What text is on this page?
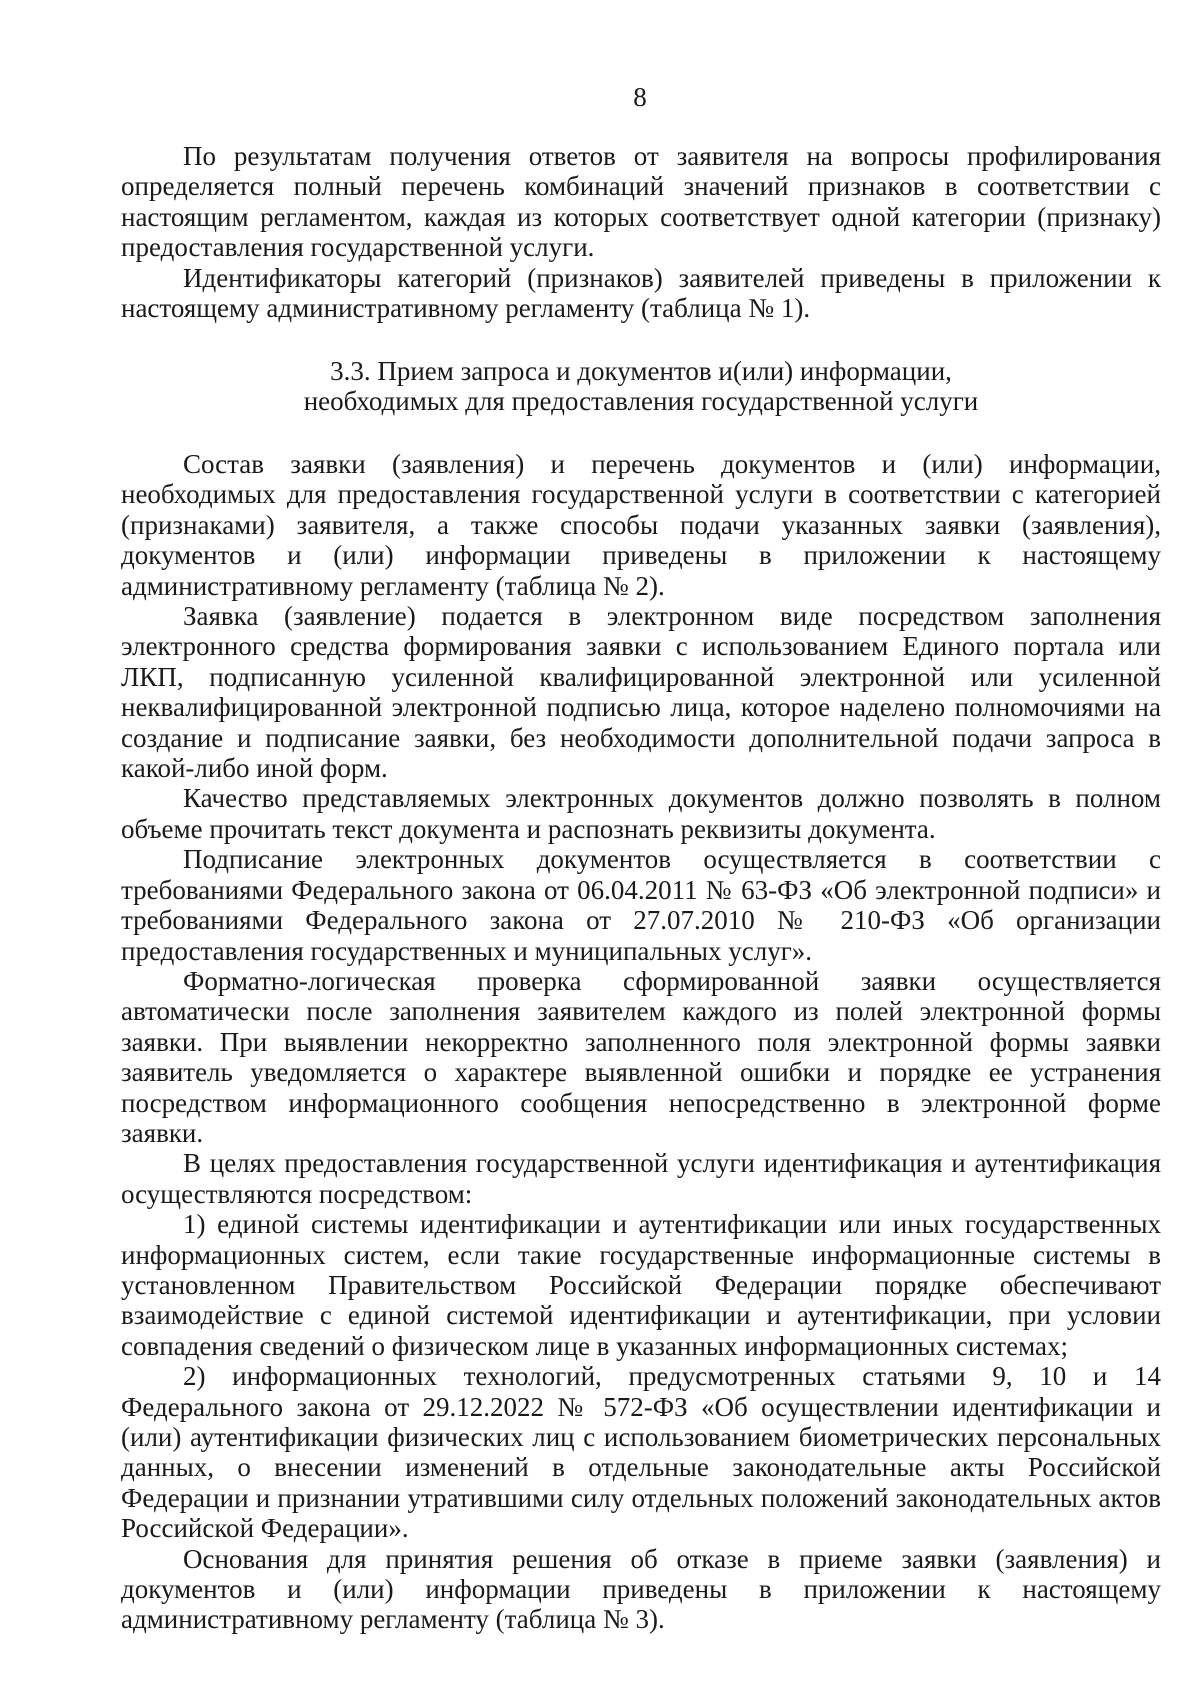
8

По результатам получения ответов от заявителя на вопросы профилирования определяется полный перечень комбинаций значений признаков в соответствии с настоящим регламентом, каждая из которых соответствует одной категории (признаку) предоставления государственной услуги.

Идентификаторы категорий (признаков) заявителей приведены в приложении к настоящему административному регламенту (таблица № 1).

3.3. Прием запроса и документов и(или) информации,
необходимых для предоставления государственной услуги

Состав заявки (заявления) и перечень документов и (или) информации, необходимых для предоставления государственной услуги в соответствии с категорией (признаками) заявителя, а также способы подачи указанных заявки (заявления), документов и (или) информации приведены в приложении к настоящему административному регламенту (таблица № 2).

Заявка (заявление) подается в электронном виде посредством заполнения электронного средства формирования заявки с использованием Единого портала или ЛКП, подписанную усиленной квалифицированной электронной или усиленной неквалифицированной электронной подписью лица, которое наделено полномочиями на создание и подписание заявки, без необходимости дополнительной подачи запроса в какой-либо иной форм.

Качество представляемых электронных документов должно позволять в полном объеме прочитать текст документа и распознать реквизиты документа.

Подписание электронных документов осуществляется в соответствии с требованиями Федерального закона от 06.04.2011 № 63-ФЗ «Об электронной подписи» и требованиями Федерального закона от 27.07.2010 № 210-ФЗ «Об организации предоставления государственных и муниципальных услуг».

Форматно-логическая проверка сформированной заявки осуществляется автоматически после заполнения заявителем каждого из полей электронной формы заявки. При выявлении некорректно заполненного поля электронной формы заявки заявитель уведомляется о характере выявленной ошибки и порядке ее устранения посредством информационного сообщения непосредственно в электронной форме заявки.

В целях предоставления государственной услуги идентификация и аутентификация осуществляются посредством:

1) единой системы идентификации и аутентификации или иных государственных информационных систем, если такие государственные информационные системы в установленном Правительством Российской Федерации порядке обеспечивают взаимодействие с единой системой идентификации и аутентификации, при условии совпадения сведений о физическом лице в указанных информационных системах;

2) информационных технологий, предусмотренных статьями 9, 10 и 14 Федерального закона от 29.12.2022 № 572-ФЗ «Об осуществлении идентификации и (или) аутентификации физических лиц с использованием биометрических персональных данных, о внесении изменений в отдельные законодательные акты Российской Федерации и признании утратившими силу отдельных положений законодательных актов Российской Федерации».

Основания для принятия решения об отказе в приеме заявки (заявления) и документов и (или) информации приведены в приложении к настоящему административному регламенту (таблица № 3).
